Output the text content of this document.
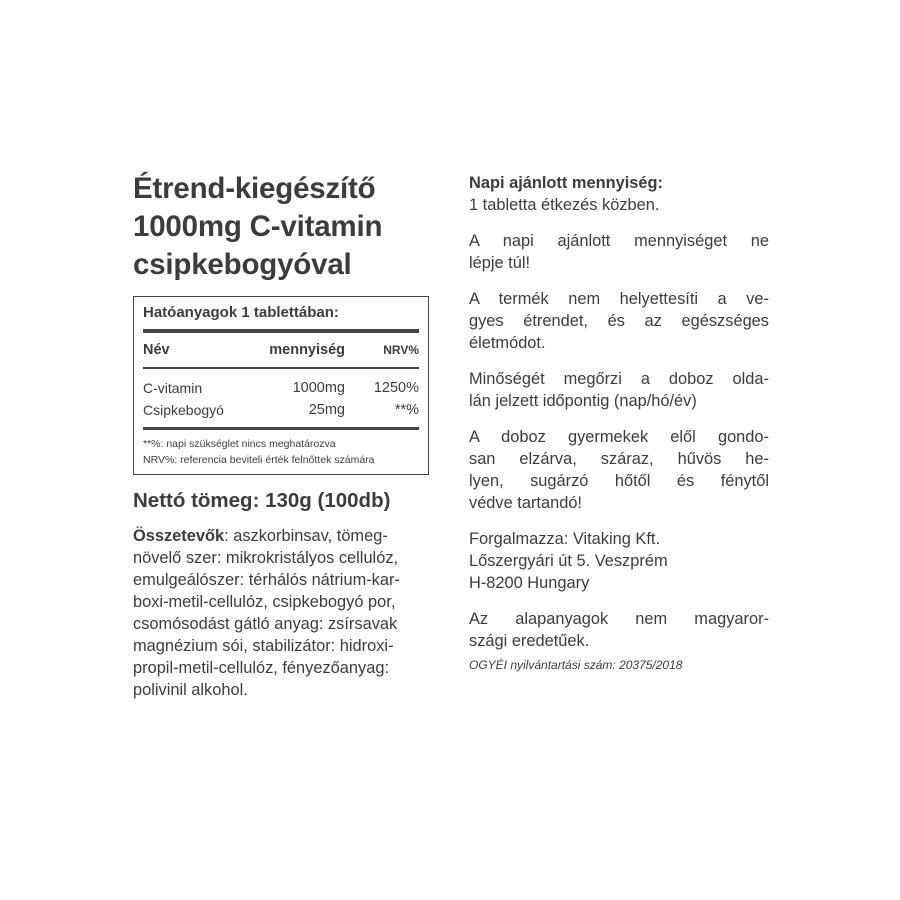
Étrend-kiegészítő
1000mg C-vitamin
csipkebogyóval
Hatóanyagok 1 tablettában:
Név	mennyiség	NRV%
C-vitamin	1000mg	1250%
Csipkebogyó	25mg	**%
**%: napi szükséglet nincs meghatározva
NRV%: referencia beviteli érték felnőttek számára
Nettó tömeg: 130g (100db)
Összetevők: aszkorbinsav, tömeg-
növelő szer: mikrokristályos cellulóz,
emulgeálószer: térhálós nátrium-kar-
boxi-metil-cellulóz, csipkebogyó por,
csomósodást gátló anyag: zsírsavak
magnézium sói, stabilizátor: hidroxi-
propil-metil-cellulóz, fényezőanyag:
polivinil alkohol.
Napi ajánlott mennyiség:
1 tabletta étkezés közben.
A napi ajánlott mennyiséget ne
lépje túl!
A termék nem helyettesíti a ve-
gyes étrendet, és az egészséges
életmódot.
Minőségét megőrzi a doboz olda-
lán jelzett időpontig (nap/hó/év)
A doboz gyermekek elől gondo-
san elzárva, száraz, hűvös he-
lyen, sugárzó hőtől és fénytől
védve tartandó!
Forgalmazza: Vitaking Kft.
Lőszergyári út 5. Veszprém
H-8200 Hungary
Az alapanyagok nem magyaror-
szági eredetűek.
OGYÉI nyilvántartási szám: 20375/2018
